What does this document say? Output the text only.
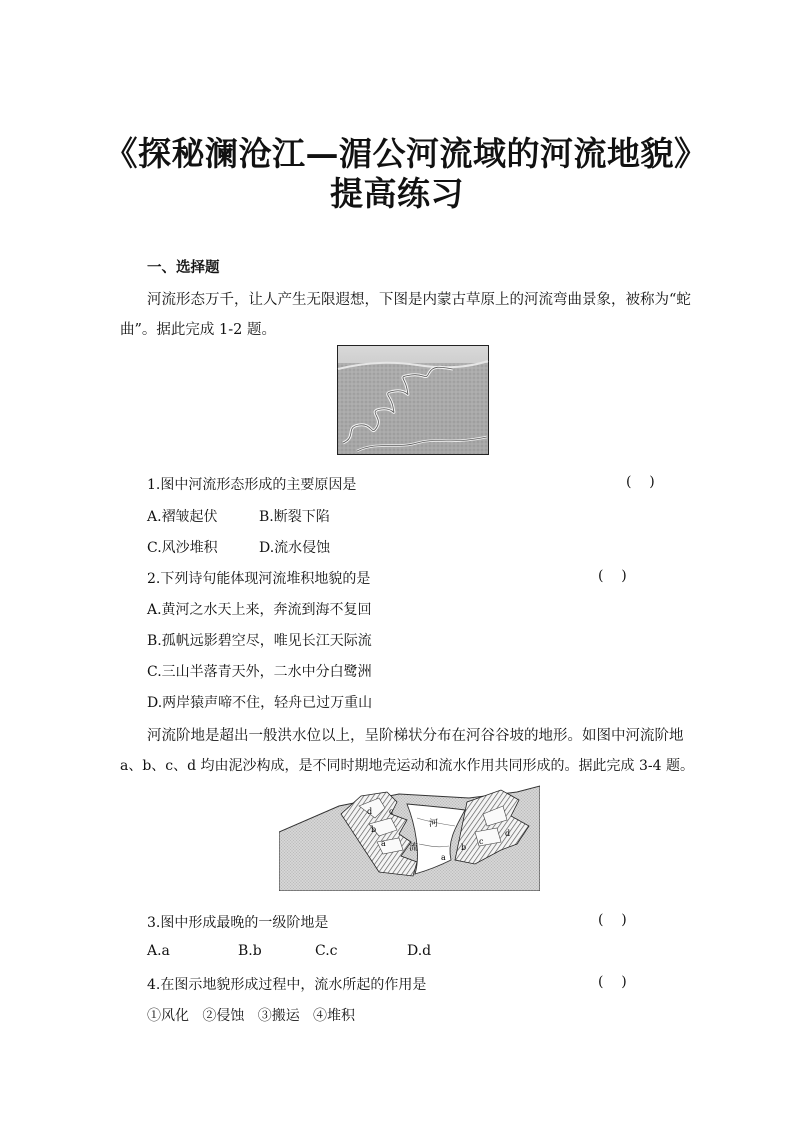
《探秘澜沧江—湄公河流域的河流地貌》
提高练习
一、选择题
河流形态万千，让人产生无限遐想，下图是内蒙古草原上的河流弯曲景象，被称为“蛇
曲”。据此完成 1-2 题。
1.图中河流形态形成的主要原因是	(    )
A.褶皱起伏	B.断裂下陷
C.风沙堆积	D.流水侵蚀
2.下列诗句能体现河流堆积地貌的是	(    )
A.黄河之水天上来，奔流到海不复回
B.孤帆远影碧空尽，唯见长江天际流
C.三山半落青天外，二水中分白鹭洲
D.两岸猿声啼不住，轻舟已过万重山
河流阶地是超出一般洪水位以上，呈阶梯状分布在河谷谷坡的地形。如图中河流阶地
a、b、c、d 均由泥沙构成，是不同时期地壳运动和流水作用共同形成的。据此完成 3-4 题。
河
流
d c
b
a
a
b
c
d
3.图中形成最晚的一级阶地是	(    )
A.a	B.b	C.c	D.d
4.在图示地貌形成过程中，流水所起的作用是	(    )
①风化   ②侵蚀   ③搬运   ④堆积
